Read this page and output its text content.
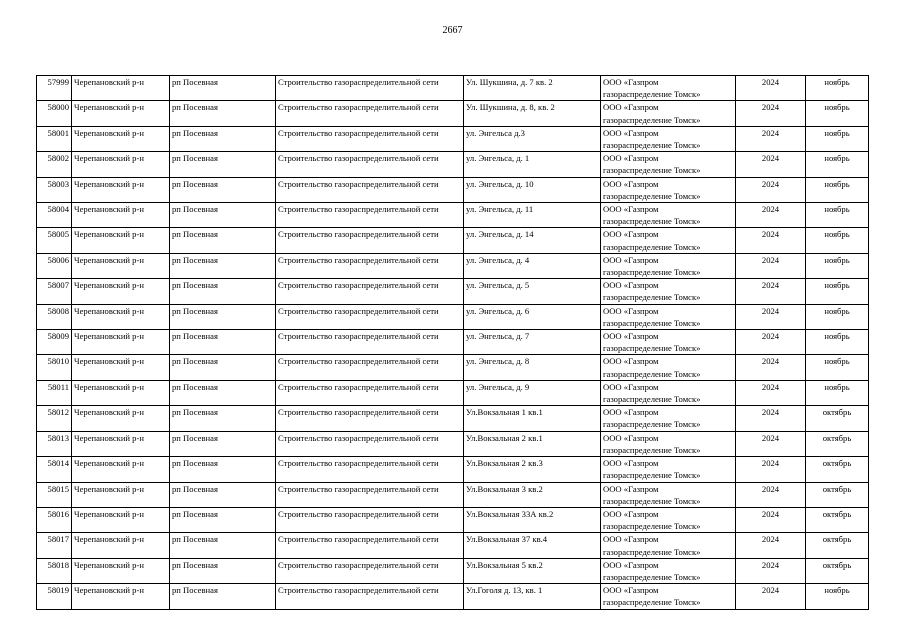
2667
57999	Черепановский р-н	рп Посевная	Строительство газораспределительной сети	Ул. Шукшина, д. 7 кв. 2	ООО «Газпром
газораспределение Томск»	2024	ноябрь
58000	Черепановский р-н	рп Посевная	Строительство газораспределительной сети	Ул. Шукшина, д. 8, кв. 2	ООО «Газпром
газораспределение Томск»	2024	ноябрь
58001	Черепановский р-н	рп Посевная	Строительство газораспределительной сети	ул. Энгельса д.3	ООО «Газпром
газораспределение Томск»	2024	ноябрь
58002	Черепановский р-н	рп Посевная	Строительство газораспределительной сети	ул. Энгельса, д. 1	ООО «Газпром
газораспределение Томск»	2024	ноябрь
58003	Черепановский р-н	рп Посевная	Строительство газораспределительной сети	ул. Энгельса, д. 10	ООО «Газпром
газораспределение Томск»	2024	ноябрь
58004	Черепановский р-н	рп Посевная	Строительство газораспределительной сети	ул. Энгельса, д. 11	ООО «Газпром
газораспределение Томск»	2024	ноябрь
58005	Черепановский р-н	рп Посевная	Строительство газораспределительной сети	ул. Энгельса, д. 14	ООО «Газпром
газораспределение Томск»	2024	ноябрь
58006	Черепановский р-н	рп Посевная	Строительство газораспределительной сети	ул. Энгельса, д. 4	ООО «Газпром
газораспределение Томск»	2024	ноябрь
58007	Черепановский р-н	рп Посевная	Строительство газораспределительной сети	ул. Энгельса, д. 5	ООО «Газпром
газораспределение Томск»	2024	ноябрь
58008	Черепановский р-н	рп Посевная	Строительство газораспределительной сети	ул. Энгельса, д. 6	ООО «Газпром
газораспределение Томск»	2024	ноябрь
58009	Черепановский р-н	рп Посевная	Строительство газораспределительной сети	ул. Энгельса, д. 7	ООО «Газпром
газораспределение Томск»	2024	ноябрь
58010	Черепановский р-н	рп Посевная	Строительство газораспределительной сети	ул. Энгельса, д. 8	ООО «Газпром
газораспределение Томск»	2024	ноябрь
58011	Черепановский р-н	рп Посевная	Строительство газораспределительной сети	ул. Энгельса, д. 9	ООО «Газпром
газораспределение Томск»	2024	ноябрь
58012	Черепановский р-н	рп Посевная	Строительство газораспределительной сети	Ул.Вокзальная 1 кв.1	ООО «Газпром
газораспределение Томск»	2024	октябрь
58013	Черепановский р-н	рп Посевная	Строительство газораспределительной сети	Ул.Вокзальная 2 кв.1	ООО «Газпром
газораспределение Томск»	2024	октябрь
58014	Черепановский р-н	рп Посевная	Строительство газораспределительной сети	Ул.Вокзальная 2 кв.3	ООО «Газпром
газораспределение Томск»	2024	октябрь
58015	Черепановский р-н	рп Посевная	Строительство газораспределительной сети	Ул.Вокзальная 3 кв.2	ООО «Газпром
газораспределение Томск»	2024	октябрь
58016	Черепановский р-н	рп Посевная	Строительство газораспределительной сети	Ул.Вокзальная 33А кв.2	ООО «Газпром
газораспределение Томск»	2024	октябрь
58017	Черепановский р-н	рп Посевная	Строительство газораспределительной сети	Ул.Вокзальная 37 кв.4	ООО «Газпром
газораспределение Томск»	2024	октябрь
58018	Черепановский р-н	рп Посевная	Строительство газораспределительной сети	Ул.Вокзальная 5 кв.2	ООО «Газпром
газораспределение Томск»	2024	октябрь
58019	Черепановский р-н	рп Посевная	Строительство газораспределительной сети	Ул.Гоголя д. 13, кв. 1	ООО «Газпром
газораспределение Томск»	2024	ноябрь
